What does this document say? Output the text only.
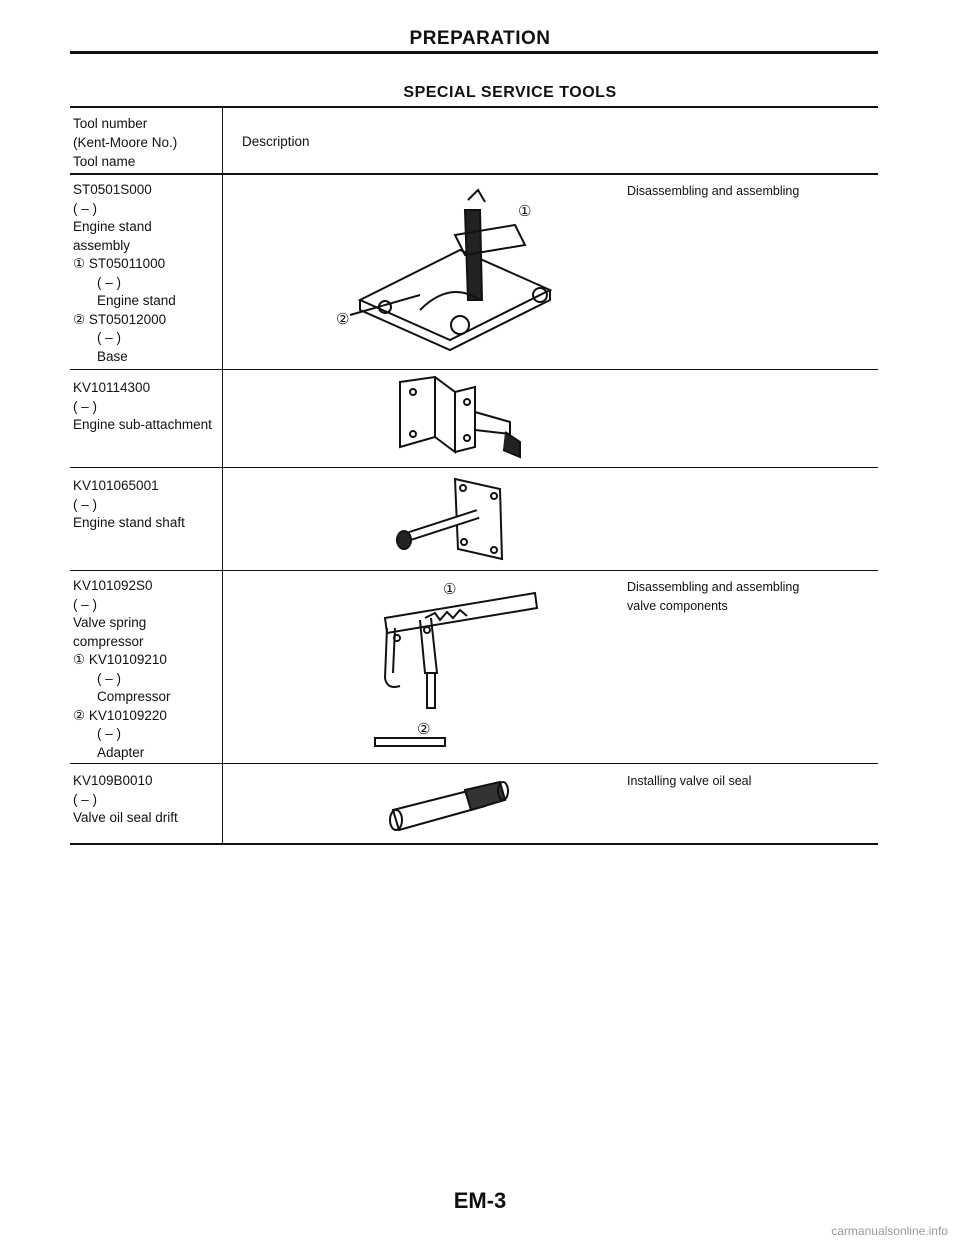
PREPARATION
SPECIAL SERVICE TOOLS
Tool number
(Kent-Moore No.)
Tool name
Description
ST0501S000
( – )
Engine stand
assembly
① ST05011000
( – )
Engine stand
② ST05012000
( – )
Base
Disassembling and assembling
①
②
KV10114300
( – )
Engine sub-attachment
KV101065001
( – )
Engine stand shaft
KV101092S0
( – )
Valve spring
compressor
① KV10109210
( – )
Compressor
② KV10109220
( – )
Adapter
Disassembling and assembling
valve components
①
②
KV109B0010
( – )
Valve oil seal drift
Installing valve oil seal
EM-3
carmanualsonline.info
